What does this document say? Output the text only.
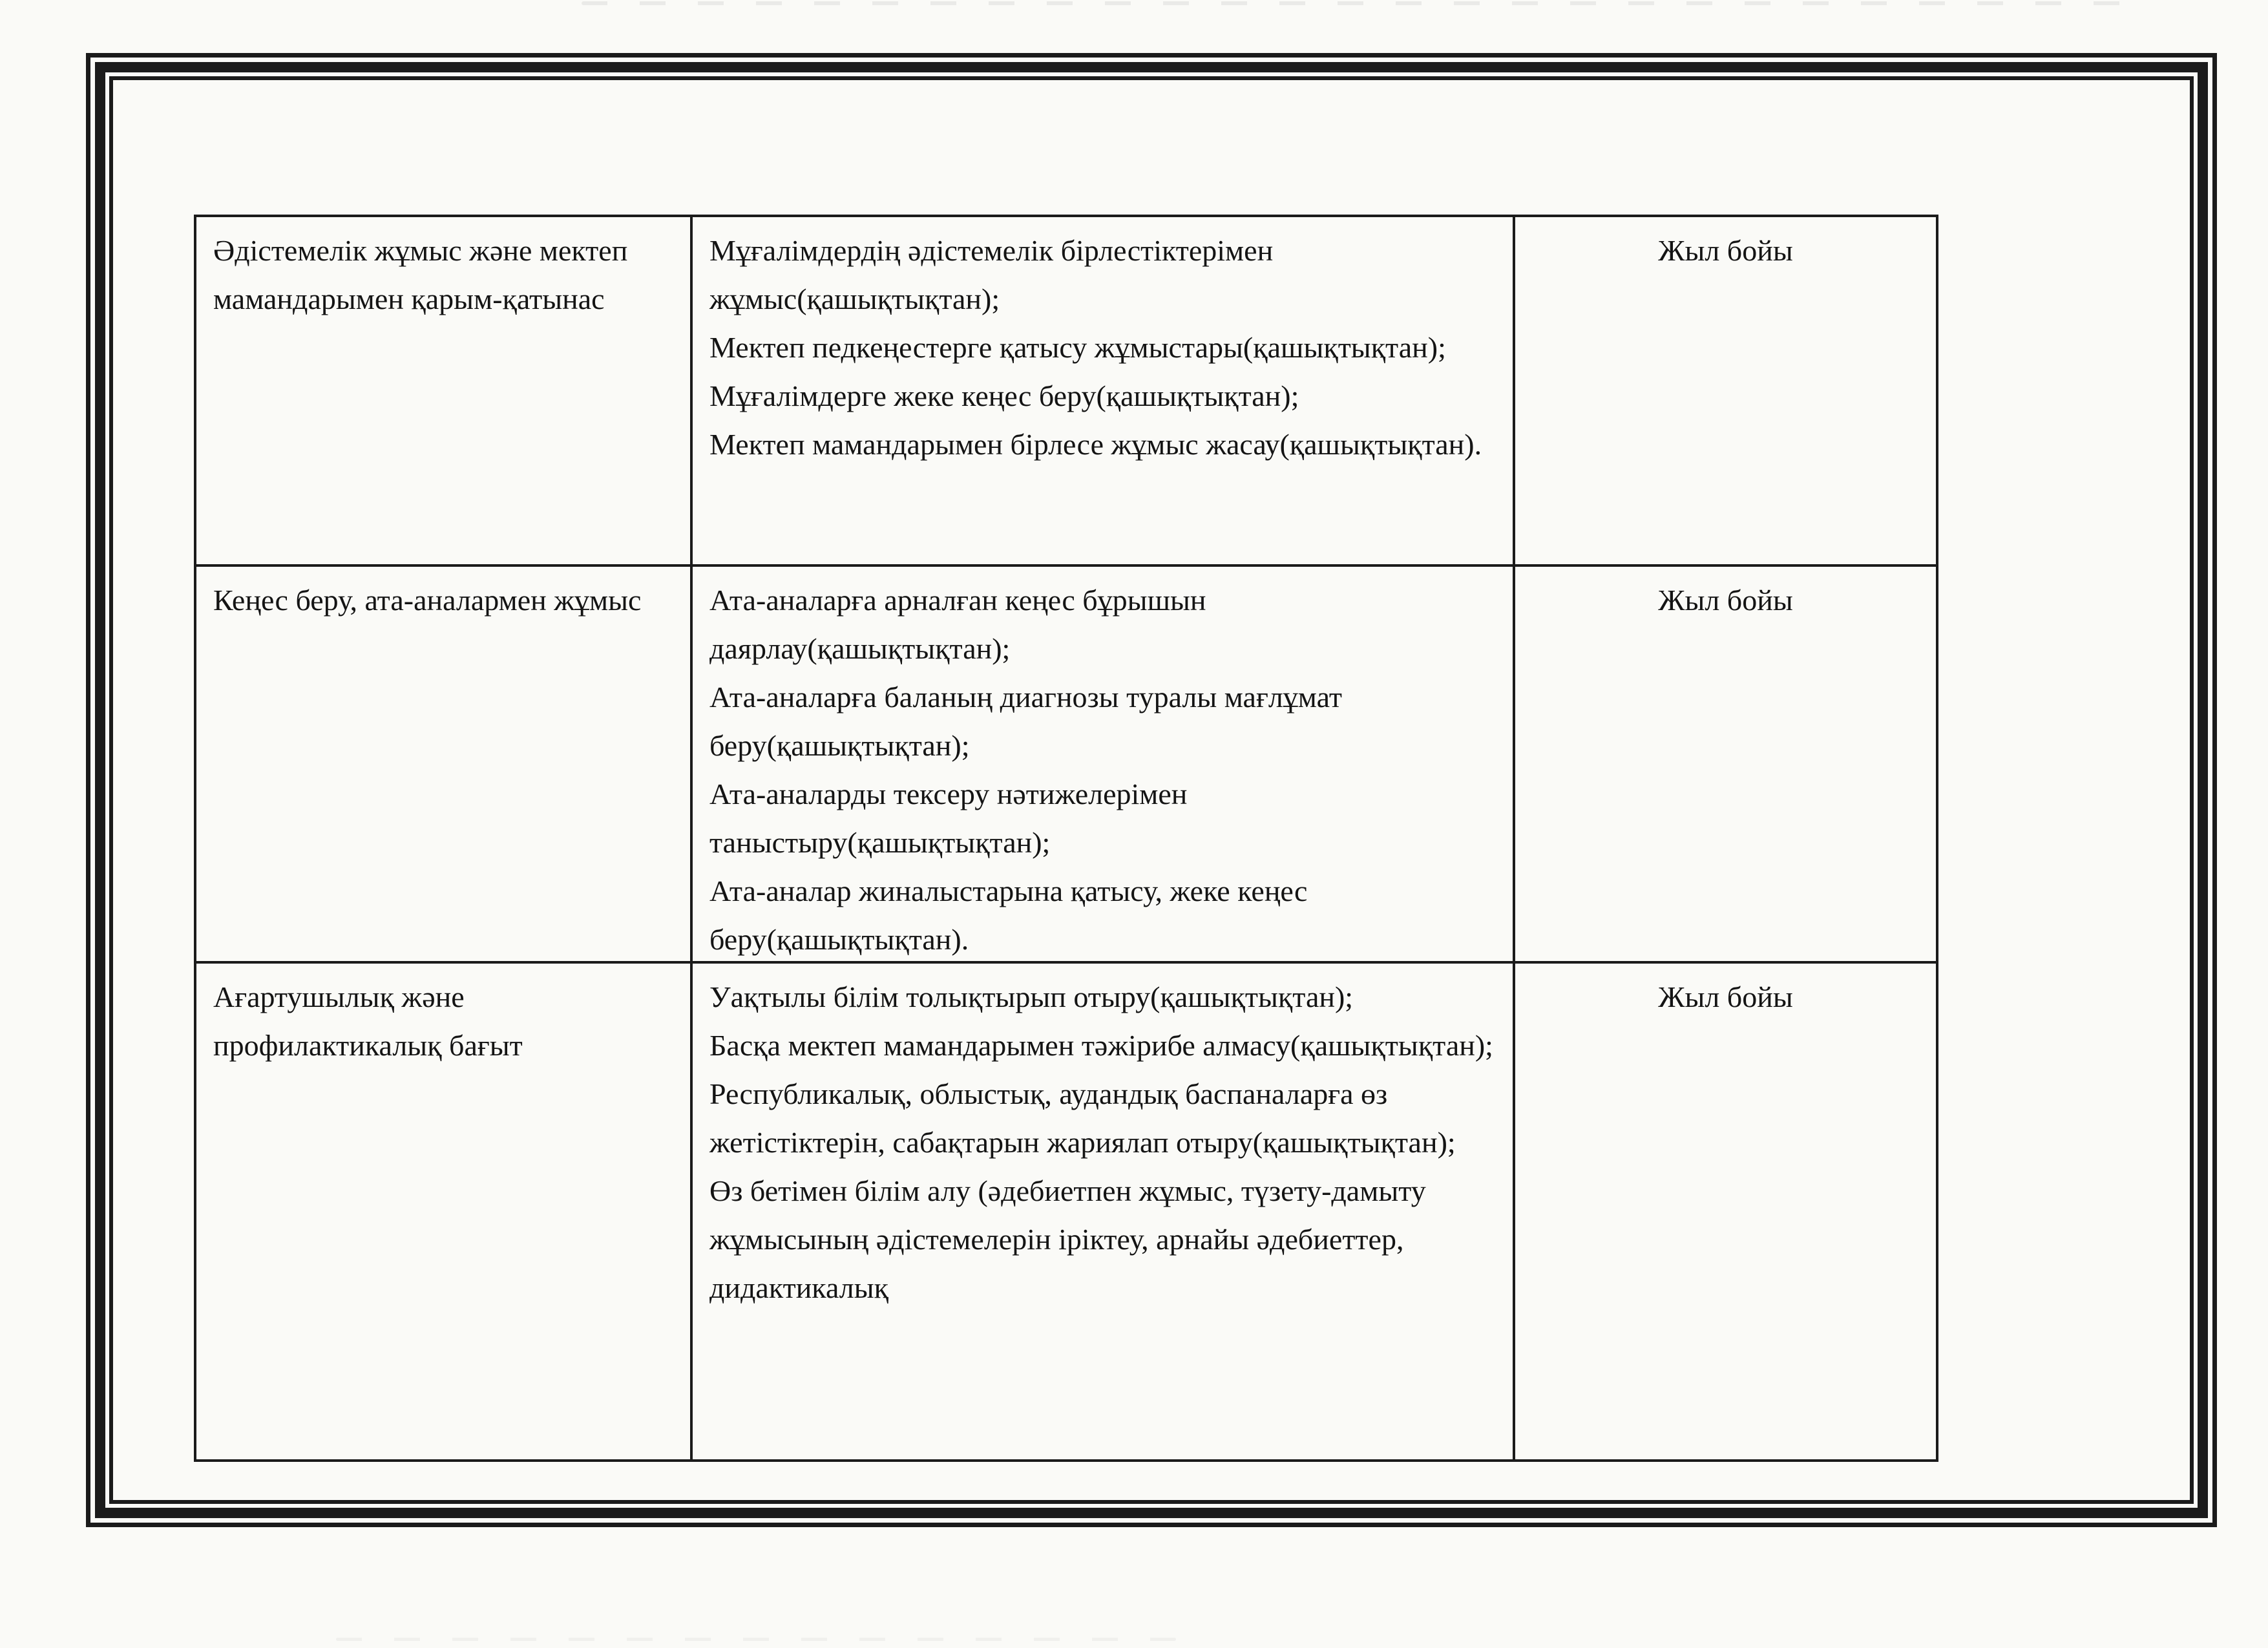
Әдістемелік жұмыс және мектеп мамандарымен қарым-қатынас
Мұғалімдердің әдістемелік бірлестіктерімен жұмыс(қашықтықтан);
Мектеп педкеңестерге қатысу жұмыстары(қашықтықтан);
Мұғалімдерге жеке кеңес беру(қашықтықтан);
Мектеп мамандарымен бірлесе жұмыс жасау(қашықтықтан).
Жыл бойы
Кеңес беру, ата-аналармен жұмыс	Ата-аналарға арналған кеңес бұрышын даярлау(қашықтықтан);
Ата-аналарға баланың диагнозы туралы мағлұмат беру(қашықтықтан);
Ата-аналарды тексеру нәтижелерімен таныстыру(қашықтықтан);
Ата-аналар жиналыстарына қатысу, жеке кеңес беру(қашықтықтан).
Жыл бойы
Ағартушылық және профилактикалық бағыт
Уақтылы білім толықтырып отыру(қашықтықтан);
Басқа мектеп мамандарымен тәжірибе алмасу(қашықтықтан);
Республикалық, облыстық, аудандық баспаналарға өз жетістіктерін, сабақтарын жариялап отыру(қашықтықтан);
Өз бетімен білім алу (әдебиетпен жұмыс, түзету-дамыту жұмысының әдістемелерін іріктеу, арнайы әдебиеттер, дидактикалық
Жыл бойы
